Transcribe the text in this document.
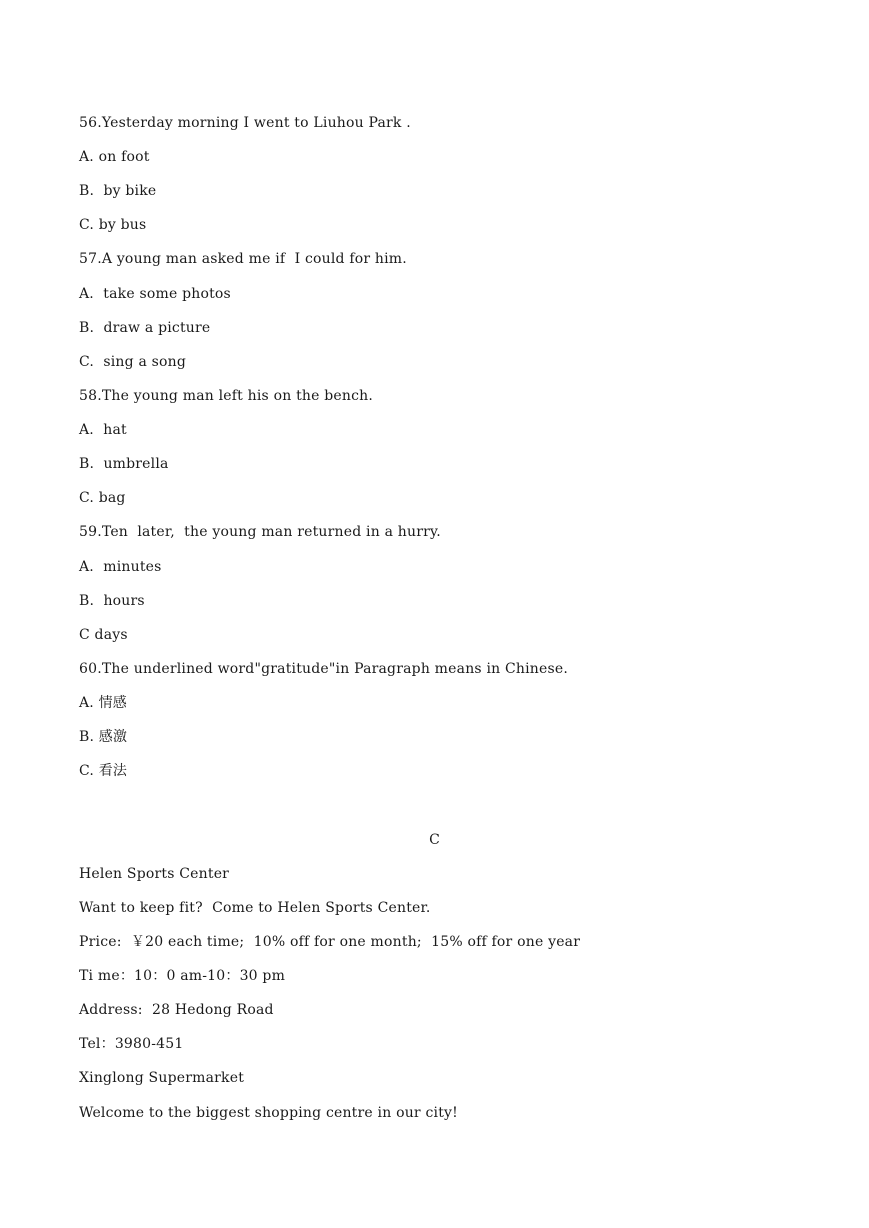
56.Yesterday morning I went to Liuhou Park .
A. on foot
B.  by bike
C. by bus
57.A young man asked me if  I could for him.
A.  take some photos
B.  draw a picture
C.  sing a song
58.The young man left his on the bench.
A.  hat
B.  umbrella
C. bag
59.Ten  later,  the young man returned in a hurry.
A.  minutes
B.  hours
C days
60.The underlined word"gratitude"in Paragraph means in Chinese.
A. 情感
B. 感激
C. 看法
C
Helen Sports Center
Want to keep fit?  Come to Helen Sports Center.
Price:  ￥20 each time;  10% off for one month;  15% off for one year
Ti me：10：0 am-10：30 pm
Address:  28 Hedong Road
Tel：3980-451
Xinglong Supermarket
Welcome to the biggest shopping centre in our city!
